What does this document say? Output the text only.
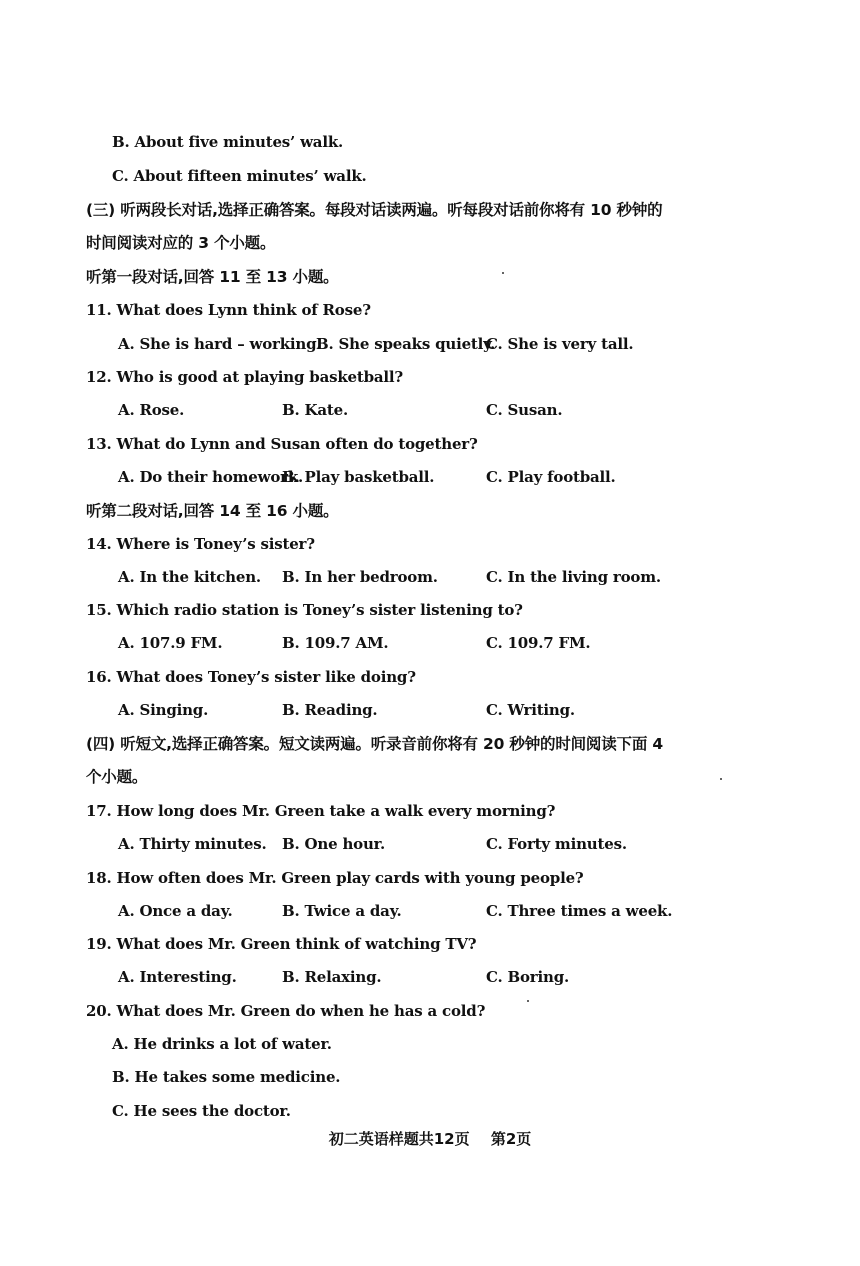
B. About five minutes’ walk.
C. About fifteen minutes’ walk.
(三) 听两段长对话,选择正确答案。每段对话读两遍。听每段对话前你将有 10 秒钟的
时间阅读对应的 3 个小题。
听第一段对话,回答 11 至 13 小题。
11. What does Lynn think of Rose?
A. She is hard – working.
B. She speaks quietly.
C. She is very tall.
12. Who is good at playing basketball?
A. Rose.	B. Kate.	C. Susan.
13. What do Lynn and Susan often do together?
A. Do their homework.
B. Play basketball.	C. Play football.
听第二段对话,回答 14 至 16 小题。
14. Where is Toney’s sister?
A. In the kitchen. B. In her bedroom.	C. In the living room.
15. Which radio station is Toney’s sister listening to?
A. 107.9 FM.	B. 109.7 AM.	C. 109.7 FM.
16. What does Toney’s sister like doing?
A. Singing.	B. Reading.	C. Writing.
(四) 听短文,选择正确答案。短文读两遍。听录音前你将有 20 秒钟的时间阅读下面 4
个小题。
17. How long does Mr. Green take a walk every morning?
A. Thirty minutes. B. One hour.	C. Forty minutes.
18. How often does Mr. Green play cards with young people?
A. Once a day.	B. Twice a day.	C. Three times a week.
19. What does Mr. Green think of watching TV?
A. Interesting.	B. Relaxing.	C. Boring.
20. What does Mr. Green do when he has a cold?
A. He drinks a lot of water.
B. He takes some medicine.
C. He sees the doctor.
初二英语样题共12页 第2页
